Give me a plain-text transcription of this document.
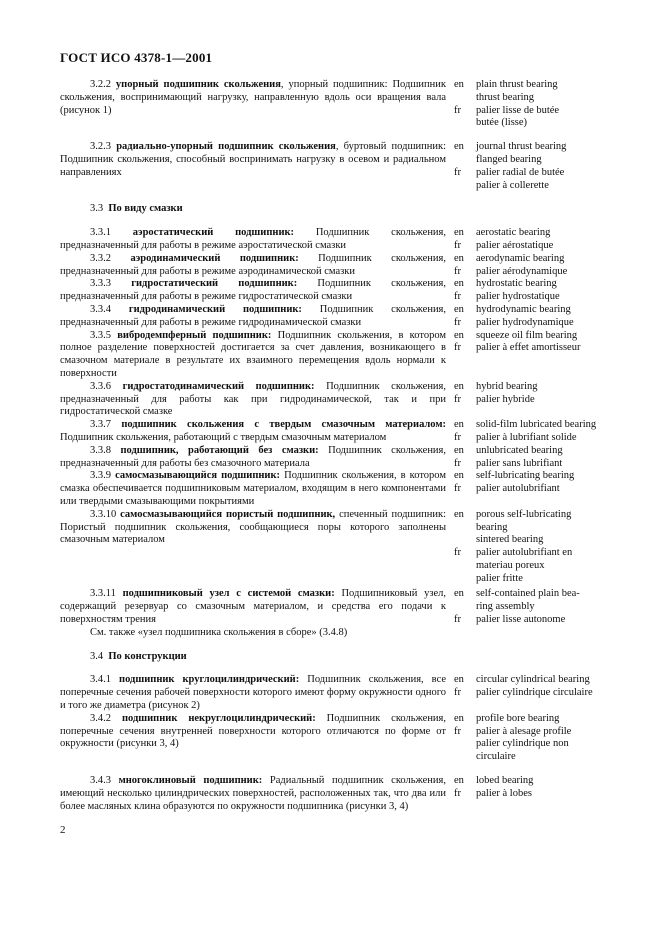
ГОСТ ИСО 4378-1—2001

3.2.2 упорный подшипник скольжения, упорный подшипник: Подшипник скольжения, воспринимающий нагрузку, направленную вдоль оси вращения вала (рисунок 1)

en	plain thrust bearing
thrust bearing
fr	palier lisse de butée
butée (lisse)

3.2.3 радиально-упорный подшипник скольжения, буртовый подшипник: Подшипник скольжения, способный воспринимать нагрузку в осевом и радиальном направлениях

en	journal thrust bearing
flanged bearing
fr	palier radial de butée
palier à collerette

3.3 По виду смазки

3.3.1 аэростатический подшипник: Подшипник скольжения, предназначенный для работы в режиме аэростатической смазки

en	aerostatic bearing
fr	palier aérostatique

3.3.2 аэродинамический подшипник: Подшипник скольжения, предназначенный для работы в режиме аэродинамической смазки

en	aerodynamic bearing
fr	palier aérodynamique

3.3.3 гидростатический подшипник: Подшипник скольжения, предназначенный для работы в режиме гидростатической смазки

en	hydrostatic bearing
fr	palier hydrostatique

3.3.4 гидродинамический подшипник: Подшипник скольжения, предназначенный для работы в режиме гидродинамической смазки

en	hydrodynamic bearing
fr	palier hydrodynamique

3.3.5 вибродемпферный подшипник: Подшипник скольжения, в котором полное разделение поверхностей достигается за счет давления, возникающего в смазочном материале в результате их взаимного перемещения вдоль нормали к поверхности

en	squeeze oil film bearing
fr	palier à effet amortisseur

3.3.6 гидростатодинамический подшипник: Подшипник скольжения, предназначенный для работы как при гидродинамической, так и при гидростатической смазке

en	hybrid bearing
fr	palier hybride

3.3.7 подшипник скольжения с твердым смазочным материалом: Подшипник скольжения, работающий с твердым смазочным материалом

en	solid-film lubricated bearing
fr	palier à lubrifiant solide

3.3.8 подшипник, работающий без смазки: Подшипник скольжения, предназначенный для работы без смазочного материала

en	unlubricated bearing
fr	palier sans lubrifiant

3.3.9 самосмазывающийся подшипник: Подшипник скольжения, в котором смазка обеспечивается подшипниковым материалом, входящим в него компонентами или твердыми смазывающими покрытиями

en	self-lubricating bearing
fr	palier autolubrifiant

3.3.10 самосмазывающийся пористый подшипник, спеченный подшипник: Пористый подшипник скольжения, сообщающиеся поры которого заполнены смазочным материалом

en	porous self-lubricating
bearing
sintered bearing
fr	palier autolubrifiant en
materiau poreux
palier fritte

3.3.11 подшипниковый узел с системой смазки: Подшипниковый узел, содержащий резервуар со смазочным материалом, и средства его подачи к поверхностям трения

en	self-contained plain bea-
ring assembly
fr	palier lisse autonome

См. также «узел подшипника скольжения в сборе» (3.4.8)

3.4 По конструкции

3.4.1 подшипник круглоцилиндрический: Подшипник скольжения, все поперечные сечения рабочей поверхности которого имеют форму окружности одного и того же диаметра (рисунок 2)

en	circular cylindrical bearing
fr	palier cylindrique circulaire

3.4.2 подшипник некруглоцилиндрический: Подшипник скольжения, поперечные сечения внутренней поверхности которого отличаются по форме от окружности (рисунки 3, 4)

en	profile bore bearing
fr	palier à alesage profile
palier cylindrique non
circulaire

3.4.3 многоклиновый подшипник: Радиальный подшипник скольжения, имеющий несколько цилиндрических поверхностей, расположенных так, что два или более масляных клина образуются по окружности подшипника (рисунки 3, 4)

en	lobed bearing
fr	palier à lobes
2
